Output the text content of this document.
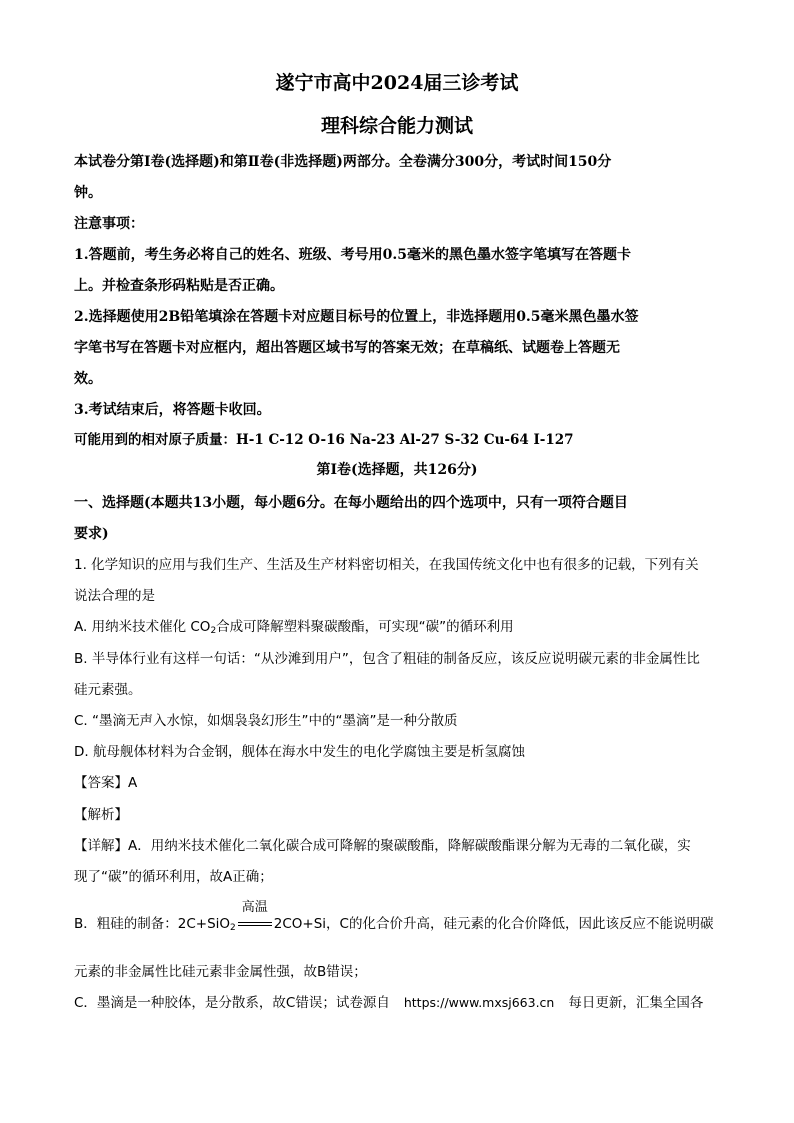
遂宁市高中2024届三诊考试
理科综合能力测试
本试卷分第Ⅰ卷(选择题)和第Ⅱ卷(非选择题)两部分。全卷满分300分，考试时间150分
钟。
注意事项：
1.答题前，考生务必将自己的姓名、班级、考号用0.5毫米的黑色墨水签字笔填写在答题卡
上。并检查条形码粘贴是否正确。
2.选择题使用2B铅笔填涂在答题卡对应题目标号的位置上，非选择题用0.5毫米黑色墨水签
字笔书写在答题卡对应框内，超出答题区域书写的答案无效；在草稿纸、试题卷上答题无
效。
3.考试结束后，将答题卡收回。
可能用到的相对原子质量：H-1 C-12 O-16 Na-23 Al-27 S-32 Cu-64 I-127
第Ⅰ卷(选择题，共126分)
一、选择题(本题共13小题，每小题6分。在每小题给出的四个选项中，只有一项符合题目
要求)
1. 化学知识的应用与我们生产、生活及生产材料密切相关，在我国传统文化中也有很多的记载，下列有关
说法合理的是
A. 用纳米技术催化 $CO_2$合成可降解塑料聚碳酸酯，可实现“碳”的循环利用
B. 半导体行业有这样一句话：“从沙滩到用户”，包含了粗硅的制备反应，该反应说明碳元素的非金属性比
硅元素强。
C. “墨滴无声入水惊，如烟袅袅幻形生”中的“墨滴”是一种分散质
D. 航母舰体材料为合金钢，舰体在海水中发生的电化学腐蚀主要是析氢腐蚀
【答案】A
【解析】
【详解】A．用纳米技术催化二氧化碳合成可降解的聚碳酸酯，降解碳酸酯课分解为无毒的二氧化碳，实
现了“碳”的循环利用，故A正确；
B．粗硅的制备：2C+SiO$_2$
高温
2CO+Si，C的化合价升高，硅元素的化合价降低，因此该反应不能说明碳
元素的非金属性比硅元素非金属性强，故B错误；
C．墨滴是一种胶体，是分散系，故C错误；试卷源自 https://www.mxsj663.cn 每日更新，汇集全国各
